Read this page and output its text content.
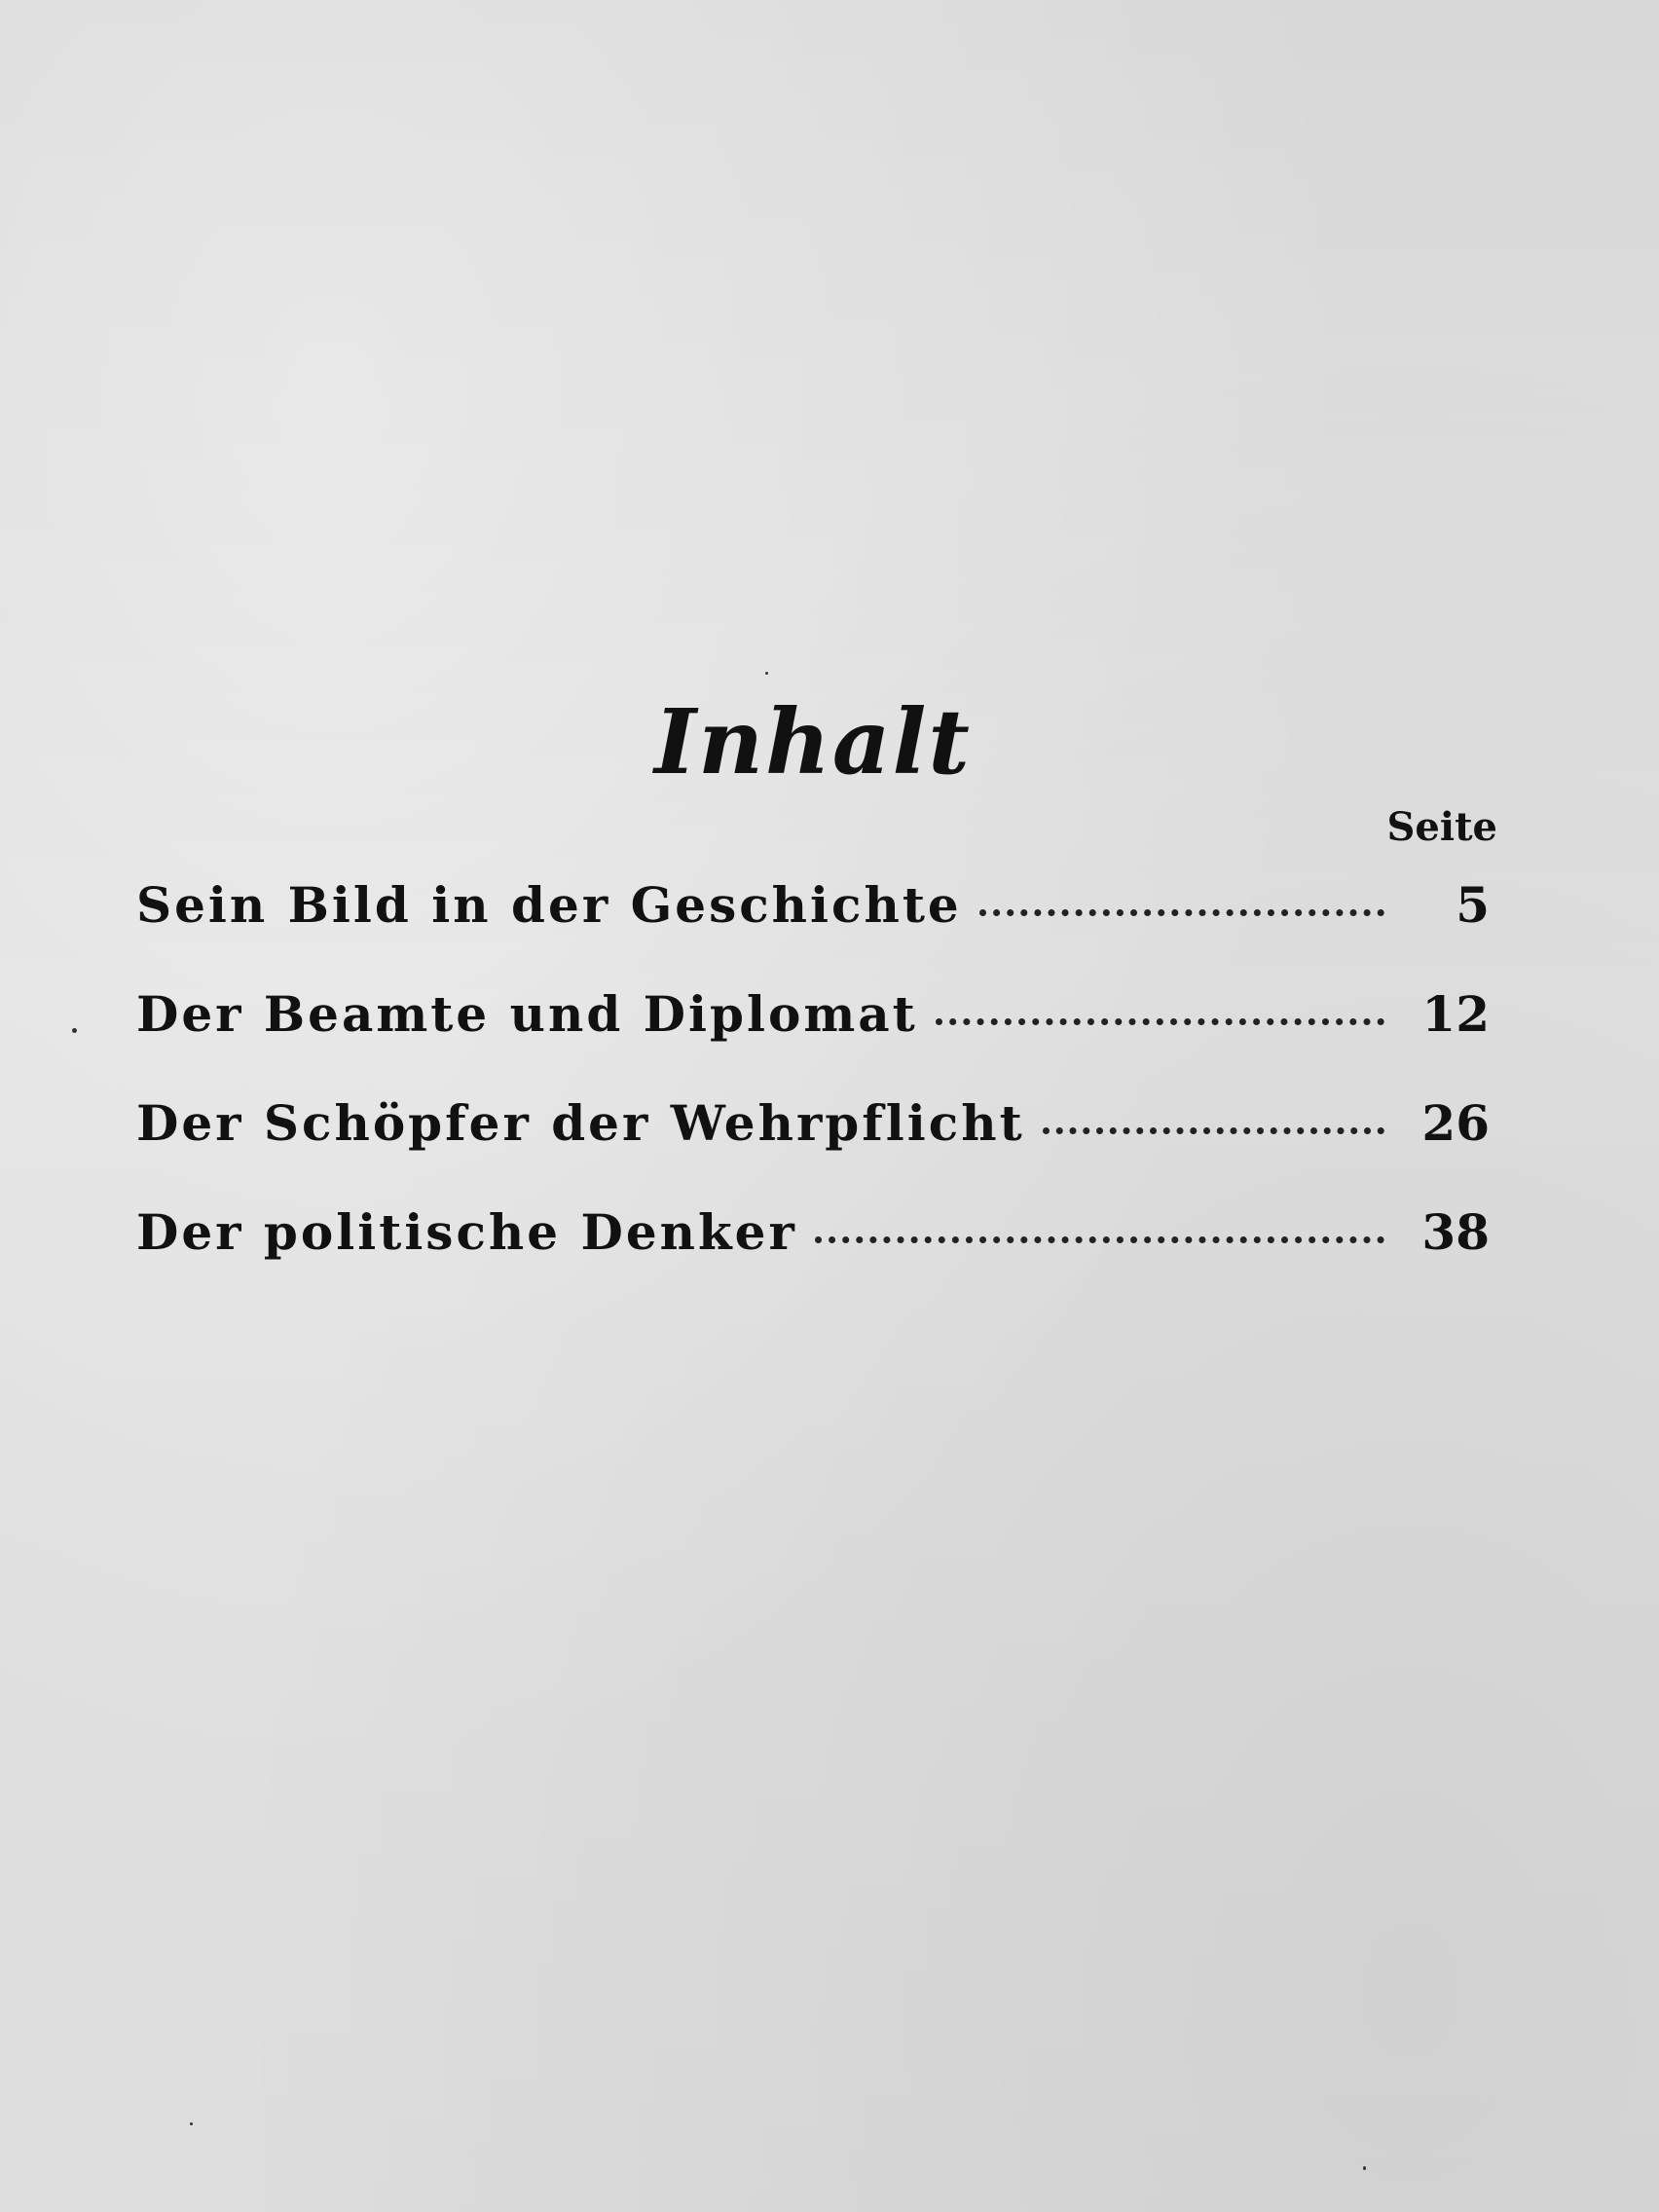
Inhalt
Seite
Sein Bild in der Geschichte	5
Der Beamte und Diplomat	12
Der Schöpfer der Wehrpflicht	26
Der politische Denker	38
